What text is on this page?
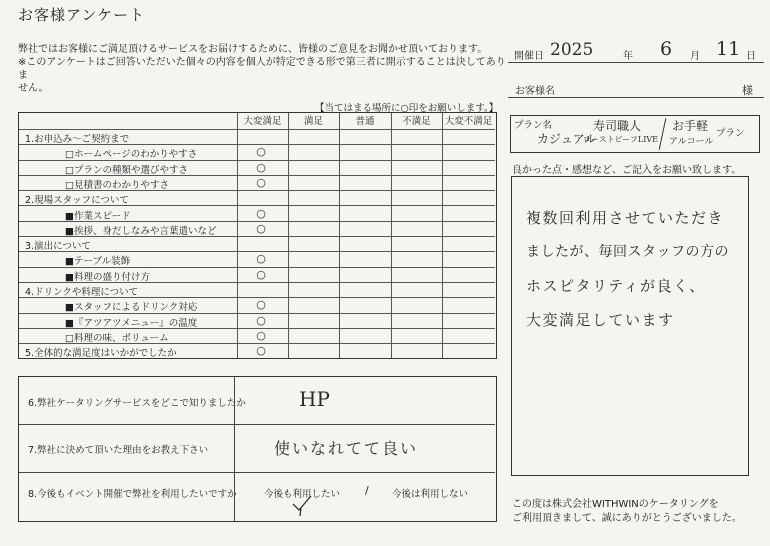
お客様アンケート
弊社ではお客様にご満足頂けるサービスをお届けするために、皆様のご意見をお聞かせ頂いております。
※このアンケートはご回答いただいた個々の内容を個人が特定できる形で第三者に開示することは決してありま
せん。
開催日 2025	年 6 月 11 日
お客様名	様
【当てはまる場所に○印をお願いします。】
大変満足	満足	普通	不満足	大変不満足
1.お申込み～ご契約まで
□ホームページのわかりやすさ	○
□プランの種類や選びやすさ	○
□見積書のわかりやすさ	○
2.現場スタッフについて
■作業スピード	○
■挨拶、身だしなみや言葉遣いなど	○
3.演出について
■テーブル装飾	○
■料理の盛り付け方	○
4.ドリンクや料理について
■スタッフによるドリンク対応	○
■『アツアツメニュー』の温度	○
□料理の味、ボリューム	○
5.全体的な満足度はいかがでしたか	○
6.弊社ケータリングサービスをどこで知りましたか	HP
7.弊社に決めて頂いた理由をお教え下さい	使いなれてて良い
8.今後もイベント開催で弊社を利用したいですか	今後も利用したい / 今後は利用しない
プラン名
カジュアル
寿司職人
ローストビーフLIVE
お手軽
アルコール
プラン
良かった点・感想など、ご記入をお願い致します。
複数回利用させていただき
ましたが、毎回スタッフの方の
ホスピタリティが良く、
大変満足しています
この度は株式会社WITHWINのケータリングを
ご利用頂きまして、誠にありがとうございました。
